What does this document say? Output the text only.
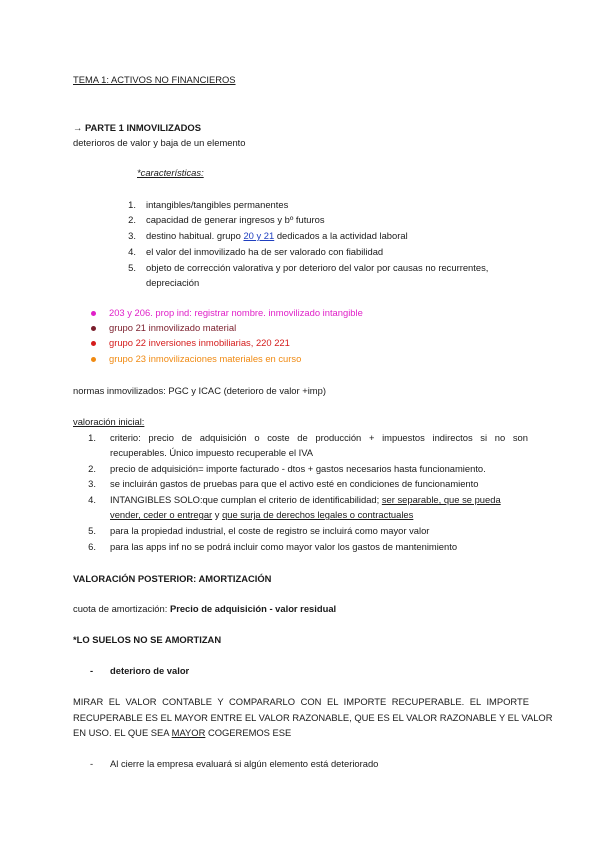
TEMA 1: ACTIVOS NO FINANCIEROS
→ PARTE 1 INMOVILIZADOS
deterioros de valor y baja de un elemento
*características:
1. intangibles/tangibles permanentes
2. capacidad de generar ingresos y bº futuros
3. destino habitual. grupo 20 y 21 dedicados a la actividad laboral
4. el valor del inmovilizado ha de ser valorado con fiabilidad
5. objeto de corrección valorativa y por deterioro del valor por causas no recurrentes,
depreciación
203 y 206. prop ind: registrar nombre. inmovilizado intangible
grupo 21 inmovilizado material
grupo 22 inversiones inmobiliarias, 220 221
grupo 23 inmovilizaciones materiales en curso
normas inmovilizados: PGC y ICAC (deterioro de valor +imp)
valoración inicial:
1. criterio: precio de adquisición o coste de producción + impuestos indirectos si no son
recuperables. Único impuesto recuperable el IVA
2. precio de adquisición= importe facturado - dtos + gastos necesarios hasta funcionamiento.
3. se incluirán gastos de pruebas para que el activo esté en condiciones de funcionamiento
4. INTANGIBLES SOLO:que cumplan el criterio de identificabilidad; ser separable, que se pueda
vender, ceder o entregar y que surja de derechos legales o contractuales
5. para la propiedad industrial, el coste de registro se incluirá como mayor valor
6. para las apps inf no se podrá incluir como mayor valor los gastos de mantenimiento
VALORACIÓN POSTERIOR: AMORTIZACIÓN
cuota de amortización: Precio de adquisición - valor residual
*LO SUELOS NO SE AMORTIZAN
- deterioro de valor
MIRAR EL VALOR CONTABLE Y COMPARARLO CON EL IMPORTE RECUPERABLE. EL IMPORTE
RECUPERABLE ES EL MAYOR ENTRE EL VALOR RAZONABLE, QUE ES EL VALOR RAZONABLE Y EL VALOR
EN USO. EL QUE SEA MAYOR COGEREMOS ESE
- Al cierre la empresa evaluará si algún elemento está deteriorado
